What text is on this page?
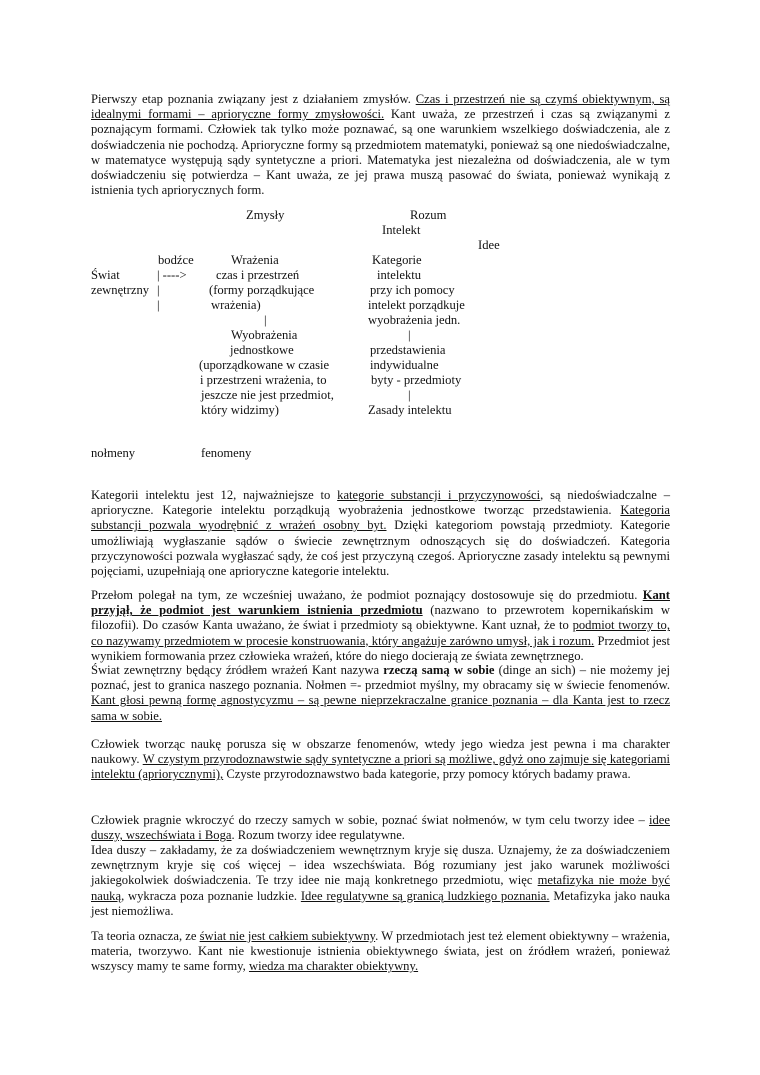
Pierwszy etap poznania związany jest z działaniem zmysłów. Czas i przestrzeń nie są czymś obiektywnym, są idealnymi formami – aprioryczne formy zmysłowości. Kant uważa, ze przestrzeń i czas są związanymi z poznającym formami. Człowiek tak tylko może poznawać, są one warunkiem wszelkiego doświadczenia, ale z doświadczenia nie pochodzą. Aprioryczne formy są przedmiotem matematyki, ponieważ są one niedoświadczalne, w matematyce występują sądy syntetyczne a priori. Matematyka jest niezależna od doświadczenia, ale w tym doświadczeniu się potwierdza – Kant uważa, ze jej prawa muszą pasować do świata, ponieważ wynikają z istnienia tych apriorycznych form.

Zmysły	Rozum
Intelekt
Idee
bodźce
Świat
zewnętrzny
| ---->
|
|
Wrażenia
czas i przestrzeń
(formy porządkujące
wrażenia)
|
Wyobrażenia
jednostkowe
(uporządkowane w czasie
i przestrzeni wrażenia, to
jeszcze nie jest przedmiot,
który widzimy)
Kategorie
intelektu
przy ich pomocy
intelekt porządkuje
wyobrażenia jedn.
|
przedstawienia
indywidualne
byty - przedmioty
|
Zasady intelektu
nołmeny	fenomeny

Kategorii intelektu jest 12, najważniejsze to kategorie substancji i przyczynowości, są niedoświadczalne – aprioryczne. Kategorie intelektu porządkują wyobrażenia jednostkowe tworząc przedstawienia. Kategoria substancji pozwala wyodrębnić z wrażeń osobny byt. Dzięki kategoriom powstają przedmioty. Kategorie umożliwiają wygłaszanie sądów o świecie zewnętrznym odnoszących się do doświadczeń. Kategoria przyczynowości pozwala wygłaszać sądy, że coś jest przyczyną czegoś. Aprioryczne zasady intelektu są pewnymi pojęciami, uzupełniają one aprioryczne kategorie intelektu.

Przełom polegał na tym, ze wcześniej uważano, że podmiot poznający dostosowuje się do przedmiotu. Kant przyjął, że podmiot jest warunkiem istnienia przedmiotu (nazwano to przewrotem kopernikańskim w filozofii). Do czasów Kanta uważano, że świat i przedmioty są obiektywne. Kant uznał, że to podmiot tworzy to, co nazywamy przedmiotem w procesie konstruowania, który angażuje zarówno umysł, jak i rozum. Przedmiot jest wynikiem formowania przez człowieka wrażeń, które do niego docierają ze świata zewnętrznego.

Świat zewnętrzny będący źródłem wrażeń Kant nazywa rzeczą samą w sobie (dinge an sich) – nie możemy jej poznać, jest to granica naszego poznania. Nołmen =- przedmiot myślny, my obracamy się w świecie fenomenów. Kant głosi pewną formę agnostycyzmu – są pewne nieprzekraczalne granice poznania – dla Kanta jest to rzecz sama w sobie.

Człowiek tworząc naukę porusza się w obszarze fenomenów, wtedy jego wiedza jest pewna i ma charakter naukowy. W czystym przyrodoznawstwie sądy syntetyczne a priori są możliwe, gdyż ono zajmuje się kategoriami intelektu (apriorycznymi), Czyste przyrodoznawstwo bada kategorie, przy pomocy których badamy prawa.

Człowiek pragnie wkroczyć do rzeczy samych w sobie, poznać świat nołmenów, w tym celu tworzy idee – idee duszy, wszechświata i Boga. Rozum tworzy idee regulatywne.

Idea duszy – zakładamy, że za doświadczeniem wewnętrznym kryje się dusza. Uznajemy, że za doświadczeniem zewnętrznym kryje się coś więcej – idea wszechświata. Bóg rozumiany jest jako warunek możliwości jakiegokolwiek doświadczenia. Te trzy idee nie mają konkretnego przedmiotu, więc metafizyka nie może być nauką, wykracza poza poznanie ludzkie. Idee regulatywne są granicą ludzkiego poznania. Metafizyka jako nauka jest niemożliwa.

Ta teoria oznacza, ze świat nie jest całkiem subiektywny. W przedmiotach jest też element obiektywny – wrażenia, materia, tworzywo. Kant nie kwestionuje istnienia obiektywnego świata, jest on źródłem wrażeń, ponieważ wszyscy mamy te same formy, wiedza ma charakter obiektywny.
